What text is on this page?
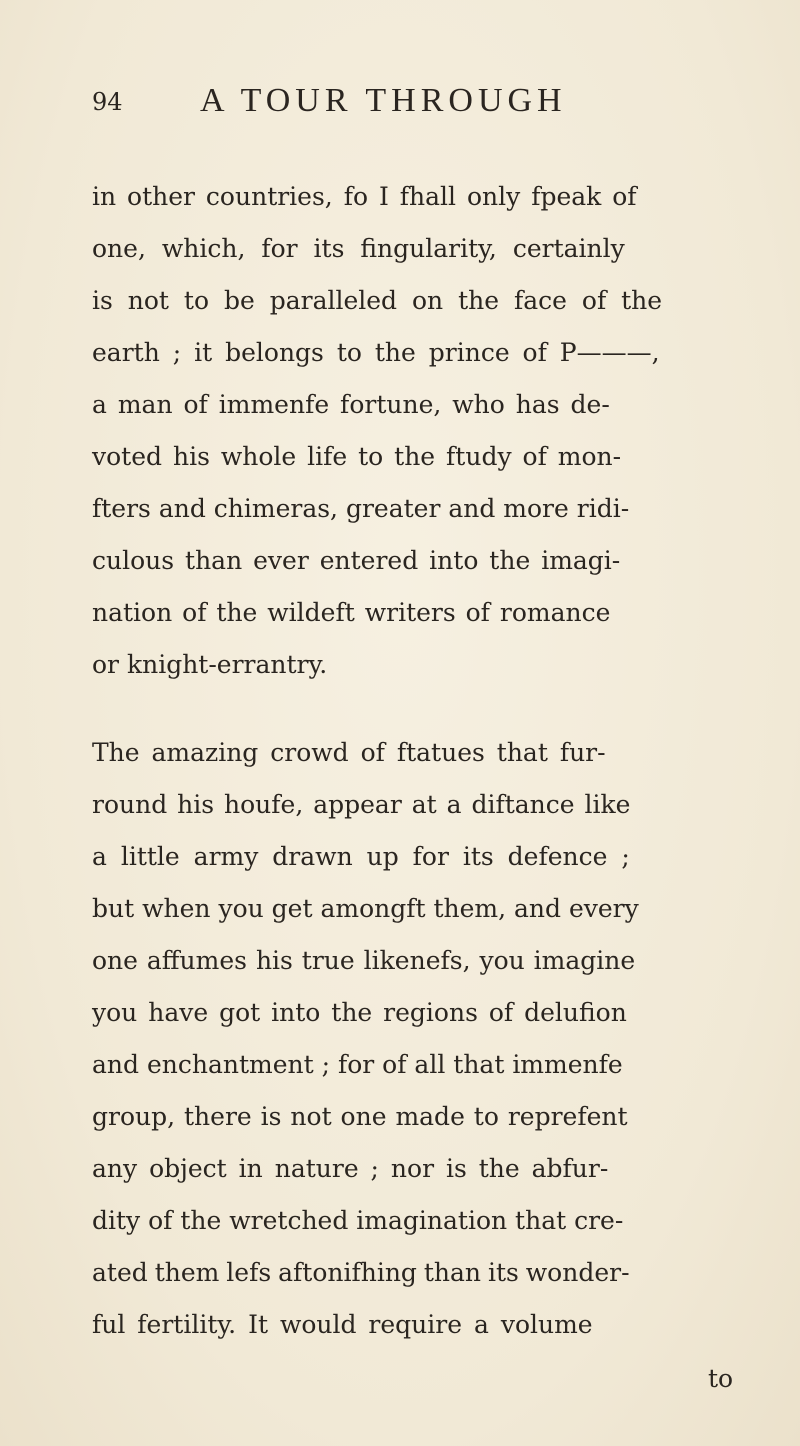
94 A TOUR THROUGH
in other countries, fo I fhall only fpeak of
one, which, for its fingularity, certainly
is not to be paralleled on the face of the
earth ; it belongs to the prince of P———,
a man of immenfe fortune, who has de-
voted his whole life to the ftudy of mon-
fters and chimeras, greater and more ridi-
culous than ever entered into the imagi-
nation of the wildeft writers of romance
or knight-errantry.
The amazing crowd of ftatues that fur-
round his houfe, appear at a diftance like
a little army drawn up for its defence ;
but when you get amongft them, and every
one affumes his true likenefs, you imagine
you have got into the regions of delufion
and enchantment ; for of all that immenfe
group, there is not one made to reprefent
any object in nature ; nor is the abfur-
dity of the wretched imagination that cre-
ated them lefs aftonifhing than its wonder-
ful fertility. It would require a volume
to
